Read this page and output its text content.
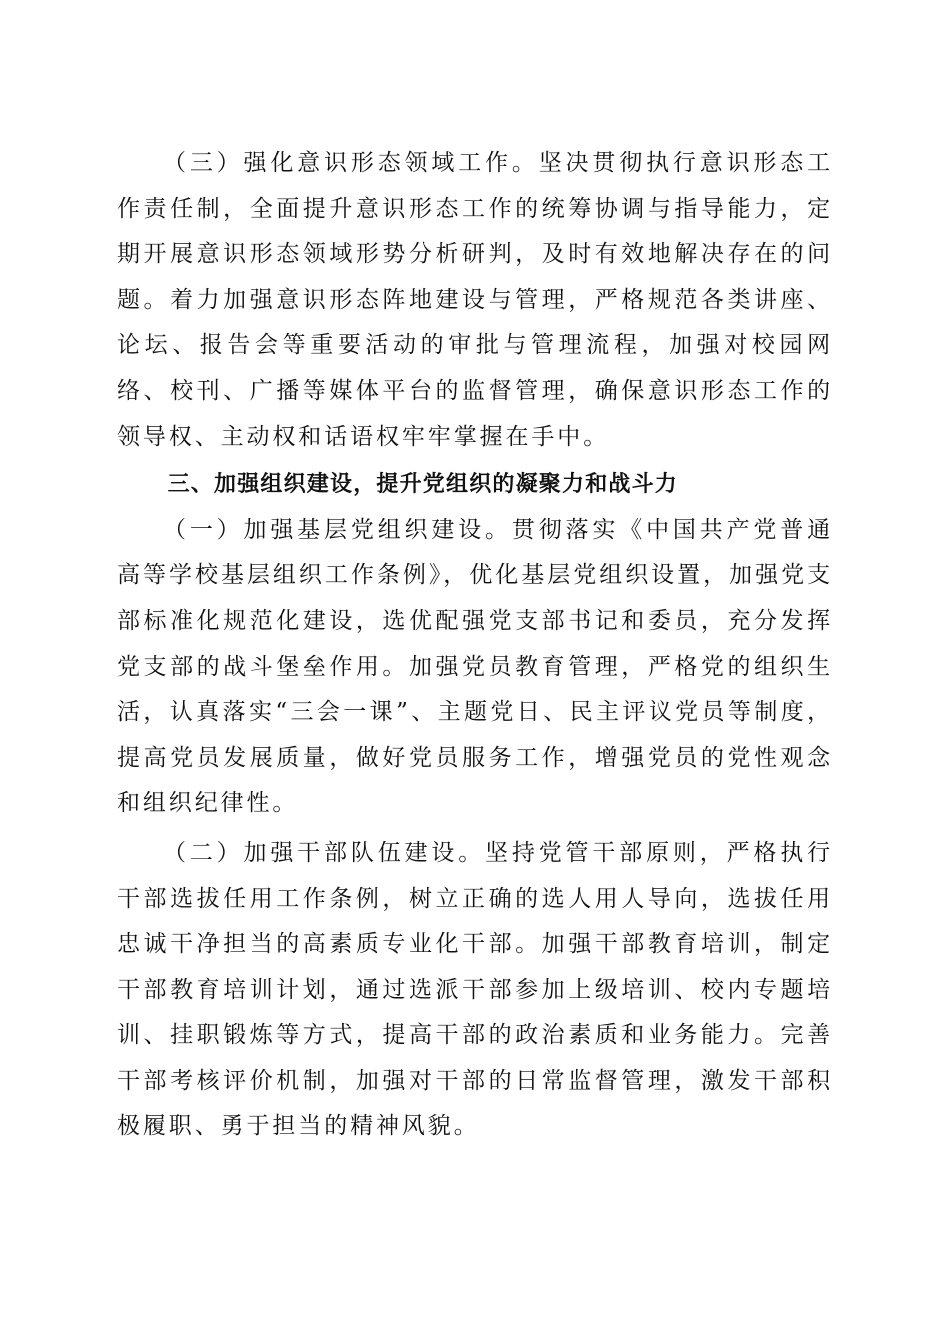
（三）强化意识形态领域工作。坚决贯彻执行意识形态工作责任制，全面提升意识形态工作的统筹协调与指导能力，定期开展意识形态领域形势分析研判，及时有效地解决存在的问题。着力加强意识形态阵地建设与管理，严格规范各类讲座、论坛、报告会等重要活动的审批与管理流程，加强对校园网络、校刊、广播等媒体平台的监督管理，确保意识形态工作的领导权、主动权和话语权牢牢掌握在手中。

三、加强组织建设，提升党组织的凝聚力和战斗力

（一）加强基层党组织建设。贯彻落实《中国共产党普通高等学校基层组织工作条例》，优化基层党组织设置，加强党支部标准化规范化建设，选优配强党支部书记和委员，充分发挥党支部的战斗堡垒作用。加强党员教育管理，严格党的组织生活，认真落实“三会一课”、主题党日、民主评议党员等制度，提高党员发展质量，做好党员服务工作，增强党员的党性观念和组织纪律性。

（二）加强干部队伍建设。坚持党管干部原则，严格执行干部选拔任用工作条例，树立正确的选人用人导向，选拔任用忠诚干净担当的高素质专业化干部。加强干部教育培训，制定干部教育培训计划，通过选派干部参加上级培训、校内专题培训、挂职锻炼等方式，提高干部的政治素质和业务能力。完善干部考核评价机制，加强对干部的日常监督管理，激发干部积极履职、勇于担当的精神风貌。
